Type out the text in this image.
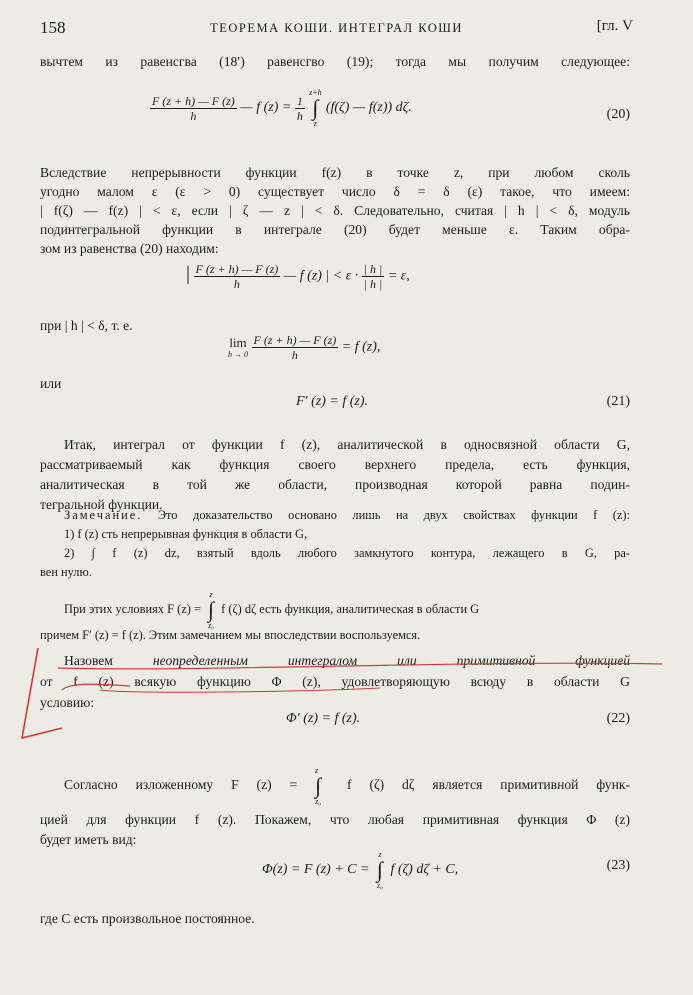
158	ТЕОРЕМА КОШИ. ИНТЕГРАЛ КОШИ	[гл. V
вычтем из равенсгва (18′) равенсгво (19); тогда мы получим следующее:
$\frac{F (z + h) — F (z)}{h}$ — f $(z) = \frac{1}{h}$

z+h
∫
z
(f(ζ) — f(z)) dζ.	(20)
Вследствие непрерывности функции f(z) в точке z, при любом сколь
угодно малом ε (ε > 0) существует число δ = δ (ε) такое, что имеем:
| f(ζ) — f(z) | < ε, если | ζ — z | < δ. Следовательно, считая | h | < δ, модуль
подинтегральной функции в интеграле (20) будет меньше ε. Таким обра-
зом из равенства (20) находим:
| $\frac{F (z + h) — F (z)}{h}$ — f (z) | < $\varepsilon \cdot \frac{| h |}{| h |} = \varepsilon$,
при | h | < δ, т. е.
lim
h → 0
$\frac{F (z + h) — F (z)}{h} = f$ (z),
или
F′ (z) = f (z).	(21)
Итак, интеграл от функции f (z), аналитической в односвязной области G,
рассматриваемый как функция своего верхнего предела, есть функция,
аналитическая в той же области, производная которой равна подин-
тегральной функции.
Замечание. Это доказательство основано лишь на двух свойствах функции f (z):
1) f (z) сть непрерывная функция в области G,
2) ∫ f (z) dz, взятый вдоль любого замкнутого контура, лежащего в G, ра-
вен нулю.
При этих условиях F (z) =
z
∫
z₀
f (ζ) dζ есть функция, аналитическая в области G
причем F′ (z) = f (z). Этим замечанием мы впоследствии воспользуемся.
Назовем	неопределенным интегралом	или	примитивной функцией
от f (z) всякую функцию Φ (z), удовлетворяющую всюду в области G
условию:
Φ′ (z) = f (z).	(22)
Согласно изложенному F (z) =
z
∫
z₀
f (ζ) dζ является примитивной функ-
цией для функции f (z). Покажем, что любая примитивная функция Φ (z)
будет иметь вид:
Φ(z) = F (z) + C =
z
∫
z₀
f (ζ) dζ + C,	(23)
где C есть произвольное постоянное.
